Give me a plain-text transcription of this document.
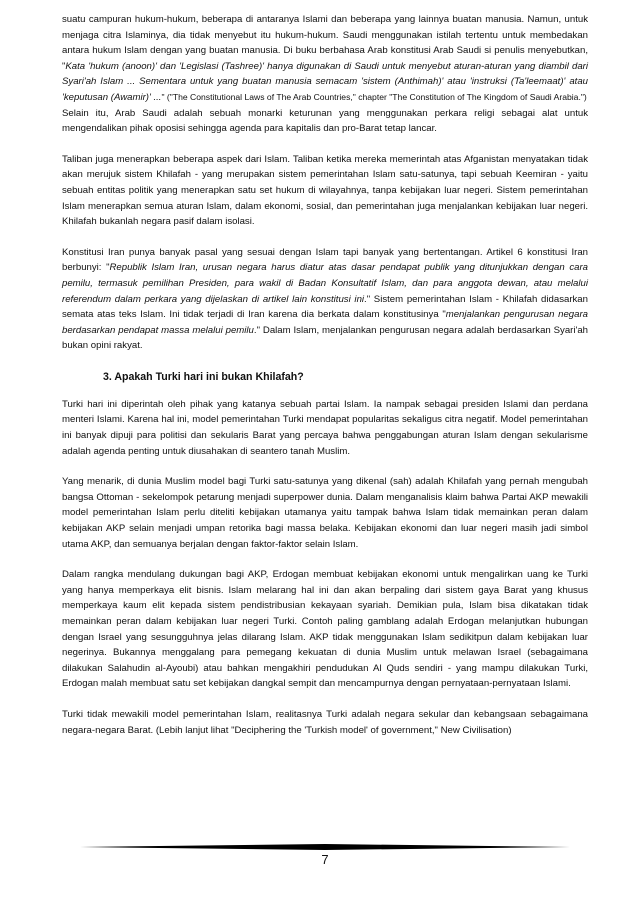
suatu campuran hukum-hukum, beberapa di antaranya Islami dan beberapa yang lainnya buatan manusia. Namun, untuk menjaga citra Islaminya, dia tidak menyebut itu hukum-hukum. Saudi menggunakan istilah tertentu untuk membedakan antara hukum Islam dengan yang buatan manusia. Di buku berbahasa Arab konstitusi Arab Saudi si penulis menyebutkan, "Kata 'hukum (anoon)' dan 'Legislasi (Tashree)' hanya digunakan di Saudi untuk menyebut aturan-aturan yang diambil dari Syari'ah Islam ... Sementara untuk yang buatan manusia semacam 'sistem (Anthimah)' atau 'instruksi (Ta'leemaat)' atau 'keputusan (Awamir)' ..." ("The Constitutional Laws of The Arab Countries," chapter "The Constitution of The Kingdom of Saudi Arabia.")

Selain itu, Arab Saudi adalah sebuah monarki keturunan yang menggunakan perkara religi sebagai alat untuk mengendalikan pihak oposisi sehingga agenda para kapitalis dan pro-Barat tetap lancar.

Taliban juga menerapkan beberapa aspek dari Islam. Taliban ketika mereka memerintah atas Afganistan menyatakan tidak akan merujuk sistem Khilafah - yang merupakan sistem pemerintahan Islam satu-satunya, tapi sebuah Keemiran - yaitu sebuah entitas politik yang menerapkan satu set hukum di wilayahnya, tanpa kebijakan luar negeri. Sistem pemerintahan Islam menerapkan semua aturan Islam, dalam ekonomi, sosial, dan pemerintahan juga menjalankan kebijakan luar negeri. Khilafah bukanlah negara pasif dalam isolasi.

Konstitusi Iran punya banyak pasal yang sesuai dengan Islam tapi banyak yang bertentangan. Artikel 6 konstitusi Iran berbunyi: "Republik Islam Iran, urusan negara harus diatur atas dasar pendapat publik yang ditunjukkan dengan cara pemilu, termasuk pemilihan Presiden, para wakil di Badan Konsultatif Islam, dan para anggota dewan, atau melalui referendum dalam perkara yang dijelaskan di artikel lain konstitusi ini." Sistem pemerintahan Islam - Khilafah didasarkan semata atas teks Islam. Ini tidak terjadi di Iran karena dia berkata dalam konstitusinya "menjalankan pengurusan negara berdasarkan pendapat massa melalui pemilu." Dalam Islam, menjalankan pengurusan negara adalah berdasarkan Syari'ah bukan opini rakyat.

3. Apakah Turki hari ini bukan Khilafah?

Turki hari ini diperintah oleh pihak yang katanya sebuah partai Islam. Ia nampak sebagai presiden Islami dan perdana menteri Islami. Karena hal ini, model pemerintahan Turki mendapat popularitas sekaligus citra negatif. Model pemerintahan ini banyak dipuji para politisi dan sekularis Barat yang percaya bahwa penggabungan aturan Islam dengan sekularisme adalah agenda penting untuk diusahakan di seantero tanah Muslim.

Yang menarik, di dunia Muslim model bagi Turki satu-satunya yang dikenal (sah) adalah Khilafah yang pernah mengubah bangsa Ottoman - sekelompok petarung menjadi superpower dunia. Dalam menganalisis klaim bahwa Partai AKP mewakili model pemerintahan Islam perlu diteliti kebijakan utamanya yaitu tampak bahwa Islam tidak memainkan peran dalam kebijakan AKP selain menjadi umpan retorika bagi massa belaka. Kebijakan ekonomi dan luar negeri masih jadi simbol utama AKP, dan semuanya berjalan dengan faktor-faktor selain Islam.

Dalam rangka mendulang dukungan bagi AKP, Erdogan membuat kebijakan ekonomi untuk mengalirkan uang ke Turki yang hanya memperkaya elit bisnis. Islam melarang hal ini dan akan berpaling dari sistem gaya Barat yang khusus memperkaya kaum elit kepada sistem pendistribusian kekayaan syariah. Demikian pula, Islam bisa dikatakan tidak memainkan peran dalam kebijakan luar negeri Turki. Contoh paling gamblang adalah Erdogan melanjutkan hubungan dengan Israel yang sesungguhnya jelas dilarang Islam. AKP tidak menggunakan Islam sedikitpun dalam kebijakan luar negerinya. Bukannya menggalang para pemegang kekuatan di dunia Muslim untuk melawan Israel (sebagaimana dilakukan Salahudin al-Ayoubi) atau bahkan mengakhiri pendudukan Al Quds sendiri - yang mampu dilakukan Turki, Erdogan malah membuat satu set kebijakan dangkal sempit dan mencampurnya dengan pernyataan-pernyataan Islami.

Turki tidak mewakili model pemerintahan Islam, realitasnya Turki adalah negara sekular dan kebangsaan sebagaimana negara-negara Barat. (Lebih lanjut lihat "Deciphering the 'Turkish model' of government," New Civilisation)

7
